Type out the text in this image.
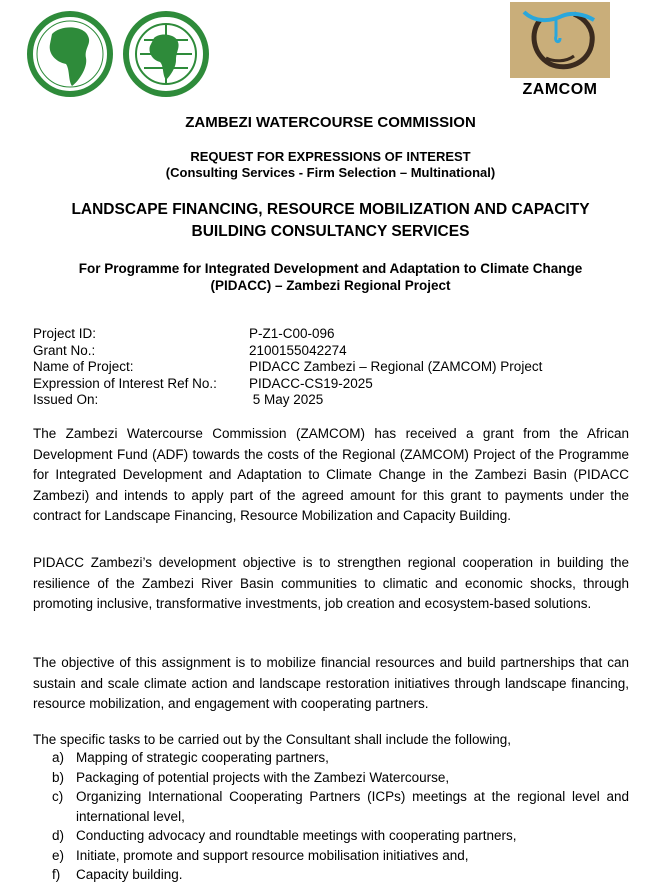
ZAMCOM
ZAMBEZI WATERCOURSE COMMISSION
REQUEST FOR EXPRESSIONS OF INTEREST
(Consulting Services - Firm Selection – Multinational)
LANDSCAPE FINANCING, RESOURCE MOBILIZATION AND CAPACITY
BUILDING CONSULTANCY SERVICES
For Programme for Integrated Development and Adaptation to Climate Change
(PIDACC) – Zambezi Regional Project
Project ID:	P-Z1-C00-096
Grant No.:	2100155042274
Name of Project:	PIDACC Zambezi – Regional (ZAMCOM) Project
Expression of Interest Ref No.:	PIDACC-CS19-2025
Issued On:	5 May 2025

The Zambezi Watercourse Commission (ZAMCOM) has received a grant from the African Development Fund (ADF) towards the costs of the Regional (ZAMCOM) Project of the Programme for Integrated Development and Adaptation to Climate Change in the Zambezi Basin (PIDACC Zambezi) and intends to apply part of the agreed amount for this grant to payments under the contract for Landscape Financing, Resource Mobilization and Capacity Building.

PIDACC Zambezi’s development objective is to strengthen regional cooperation in building the resilience of the Zambezi River Basin communities to climatic and economic shocks, through promoting inclusive, transformative investments, job creation and ecosystem-based solutions.

The objective of this assignment is to mobilize financial resources and build partnerships that can sustain and scale climate action and landscape restoration initiatives through landscape financing, resource mobilization, and engagement with cooperating partners.

The specific tasks to be carried out by the Consultant shall include the following,

a) Mapping of strategic cooperating partners,
b) Packaging of potential projects with the Zambezi Watercourse,
c) Organizing International Cooperating Partners (ICPs) meetings at the regional level and international level,
d) Conducting advocacy and roundtable meetings with cooperating partners,
e) Initiate, promote and support resource mobilisation initiatives and,
f)	Capacity building.
